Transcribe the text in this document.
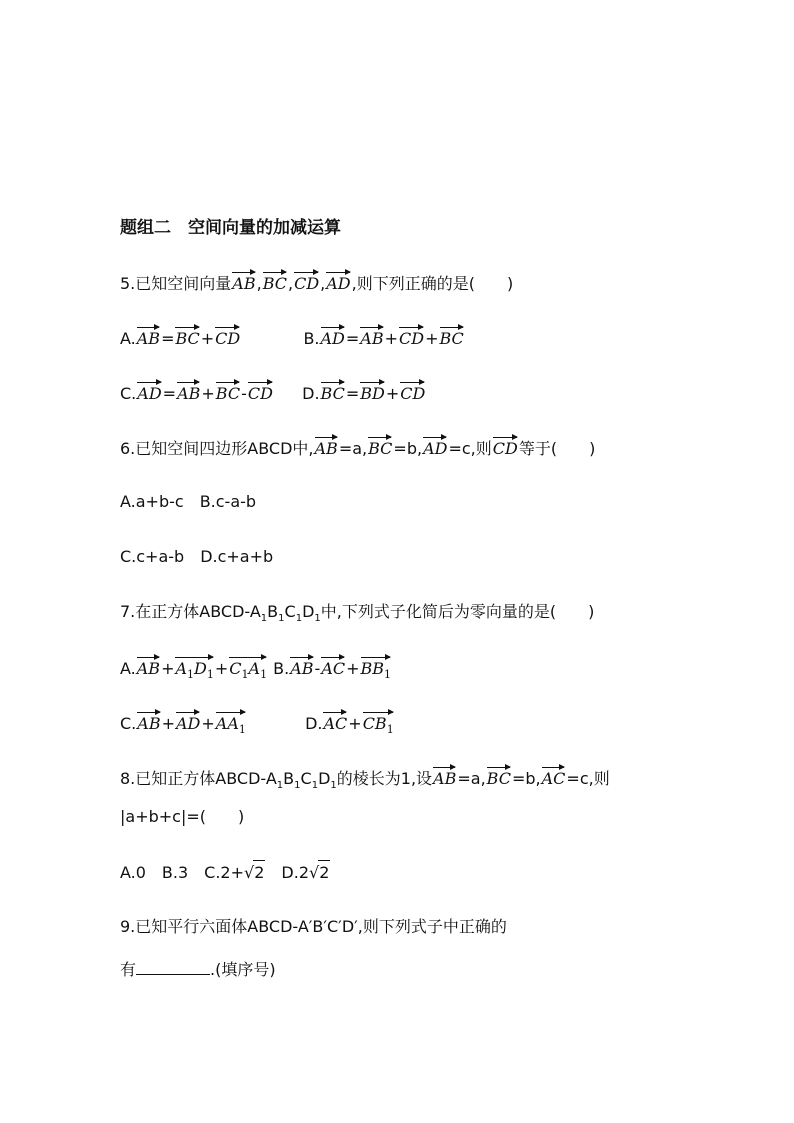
题组二　空间向量的加减运算
5.已知空间向量AB,BC,CD,AD,则下列正确的是(　　)
A.AB=BC+CD	B.AD=AB+CD+BC
C.AD=AB+BC-CD D.BC=BD+CD
6.已知空间四边形ABCD中,AB=a,BC=b,AD=c,则CD等于(　　)
A.a+b-c　B.c-a-b
C.c+a-b　D.c+a+b
7.在正方体ABCD-$A_1B_1C_1D_1$中,下列式子化简后为零向量的是(　　)
$A.AB+A_1D_1+C_1A_1$ $B.AB-AC+BB_1$
$C.AB+AD+AA_1$	$D.AC+CB_1$
8.已知正方体ABCD-$A_1B_1C_1D_1$的棱长为1,设AB=a,BC=b,AC=c,则
|a+b+c|=(　　)
A.0　B.3　C.2+√2　D.2√2
9.已知平行六面体ABCD-A′B′C′D′,则下列式子中正确的
有	.(填序号)
